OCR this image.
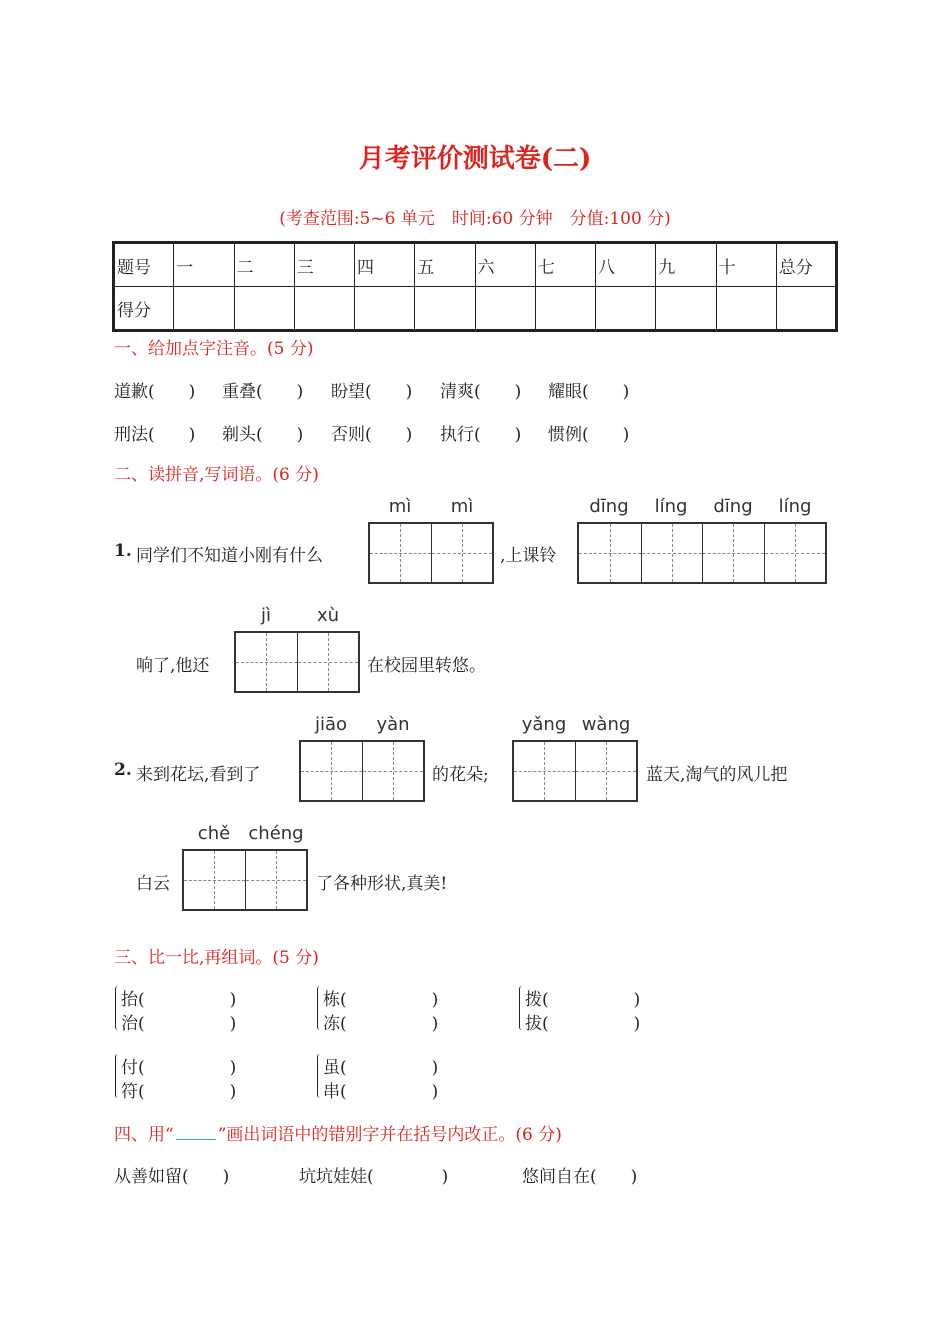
月考评价测试卷(二)
(考查范围:5~6 单元　时间:60 分钟　分值:100 分)
题号	一	二	三	四	五	六	七	八	九	十	总分
得分											
一、给加点字注音。(5 分)
道歉(　　) 重叠(　　) 盼望(　　) 清爽(　　) 耀眼(　　)
刑法(　　) 剃头(　　) 否则(　　) 执行(　　) 惯例(　　)
二、读拼音,写词语。(6 分)
1. 同学们不知道小刚有什么
mì	mì
,上课铃
dīng	líng	dīng	líng
响了,他还
jì	xù
在校园里转悠。
2. 来到花坛,看到了
jiāo	yàn
的花朵;
yǎng wàng
蓝天,淘气的风儿把
白云
chě	chéng
了各种形状,真美!
三、比一比,再组词。(5 分)
抬(　　　　　)
治(　　　　　)
栋(　　　　　)
冻(　　　　　)
拨(　　　　　)
拔(　　　　　)
付(　　　　　)
符(　　　　　)
虽(　　　　　)
串(　　　　　)
四、用“	”画出词语中的错别字并在括号内改正。(6 分)
从善如留(　　)	坑坑娃娃(　　　　)	悠间自在(　　)
